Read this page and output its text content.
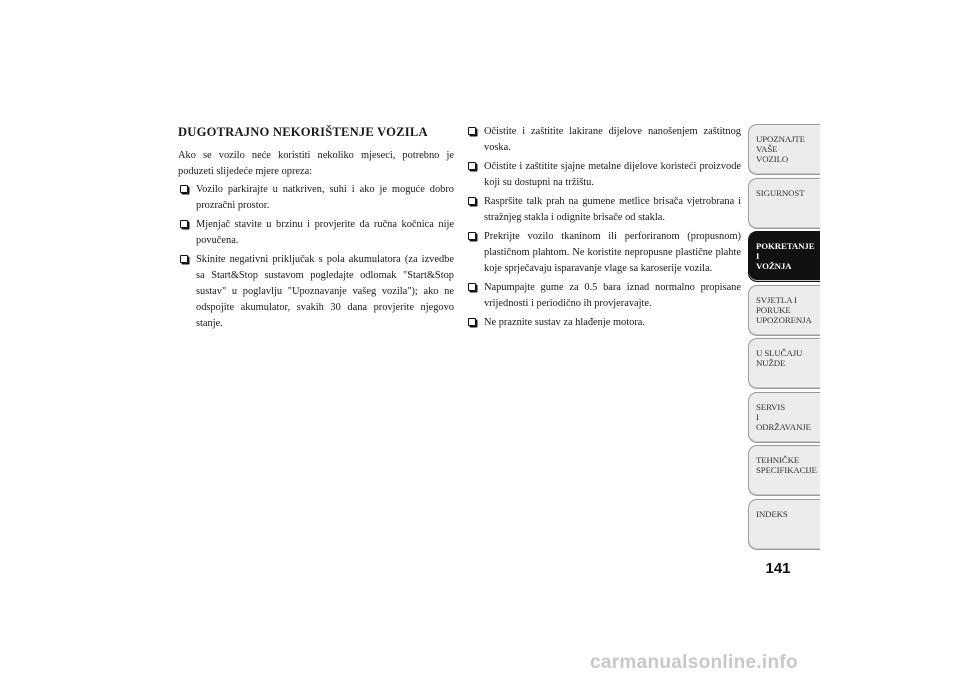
DUGOTRAJNO NEKORIŠTENJE VOZILA

Ako se vozilo neće koristiti nekoliko mjeseci, potrebno je poduzeti slijedeće mjere opreza:

Vozilo parkirajte u natkriven, suhi i ako je moguće dobro prozračni prostor.
Mjenjač stavite u brzinu i provjerite da ručna kočnica nije povučena.
Skinite negativni priključak s pola akumulatora (za izvedbe sa Start&Stop sustavom pogledajte odlomak "Start&Stop sustav" u poglavlju "Upoznavanje vašeg vozila"); ako ne odspojite akumulator, svakih 30 dana provjerite njegovo stanje.
Očistite i zaštitite lakirane dijelove nanošenjem zaštitnog voska.
Očistite i zaštitite sjajne metalne dijelove koristeći proizvode koji su dostupni na tržištu.
Raspršite talk prah na gumene metlice brisača vjetrobrana i stražnjeg stakla i odignite brisače od stakla.
Prekrijte vozilo tkaninom ili perforiranom (propusnom) plastičnom plahtom. Ne koristite nepropusne plastične plahte koje sprječavaju isparavanje vlage sa karoserije vozila.
Napumpajte gume za 0.5 bara iznad normalno propisane vrijednosti i periodično ih provjeravajte.
Ne praznite sustav za hlađenje motora.
UPOZNAJTE
VAŠE
VOZILO
SIGURNOST
POKRETANJE
I
VOŽNJA
SVJETLA I
PORUKE
UPOZORENJA
U SLUČAJU
NUŽDE
SERVIS
I
ODRŽAVANJE
TEHNIČKE
SPECIFIKACIJE
INDEKS
141
carmanualsonline.info
